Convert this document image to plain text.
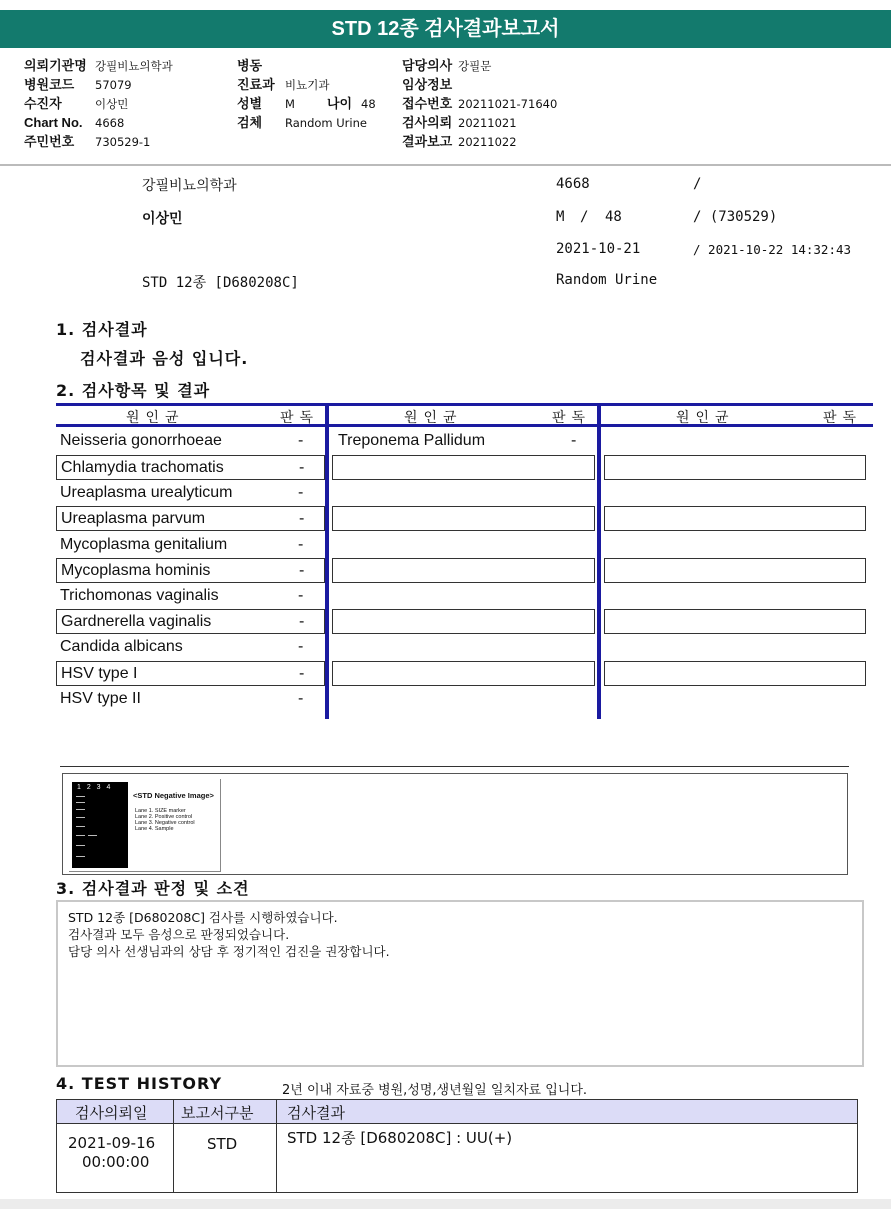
STD 12종 검사결과보고서
의뢰기관명 강필비뇨의학과
병원코드 57079
수진자	이상민
Chart No. 4668
주민번호 730529-1
병동
진료과 비뇨기과
성별 M 나이 48
검체 Random Urine
담당의사 강필문
임상정보
접수번호 20211021-71640
검사의뢰 20211021
결과보고 20211022
강필비뇨의학과
이상민
STD 12종 [D680208C]
4668	/
M / 48	/ (730529)
2021-10-21	/ 2021-10-22 14:32:43
Random Urine
1. 검사결과
검사결과 음성 입니다.
2. 검사항목 및 결과
원인균	판독	원인균	판독	원인균	판독
Neisseria gonorrhoeae	-
Chlamydia trachomatis	-
Ureaplasma urealyticum	-
Ureaplasma parvum	-
Mycoplasma genitalium	-
Mycoplasma hominis	-
Trichomonas vaginalis	-
Gardnerella vaginalis	-
Candida albicans	-
HSV type I	-
HSV type II	-
Treponema Pallidum	-
1 2 3 4
<STD Negative Image>
Lane 1. SIZE marker
Lane 2. Positive control
Lane 3. Negative control
Lane 4. Sample
3. 검사결과 판정 및 소견
STD 12종 [D680208C] 검사를 시행하였습니다.
검사결과 모두 음성으로 판정되었습니다.
담당 의사 선생님과의 상담 후 정기적인 검진을 권장합니다.
4. TEST HISTORY	2년 이내 자료중 병원,성명,생년월일 일치자료 입니다.
검사의뢰일 보고서구분 검사결과
2021-09-16
00:00:00
STD	STD 12종 [D680208C] : UU(+)
